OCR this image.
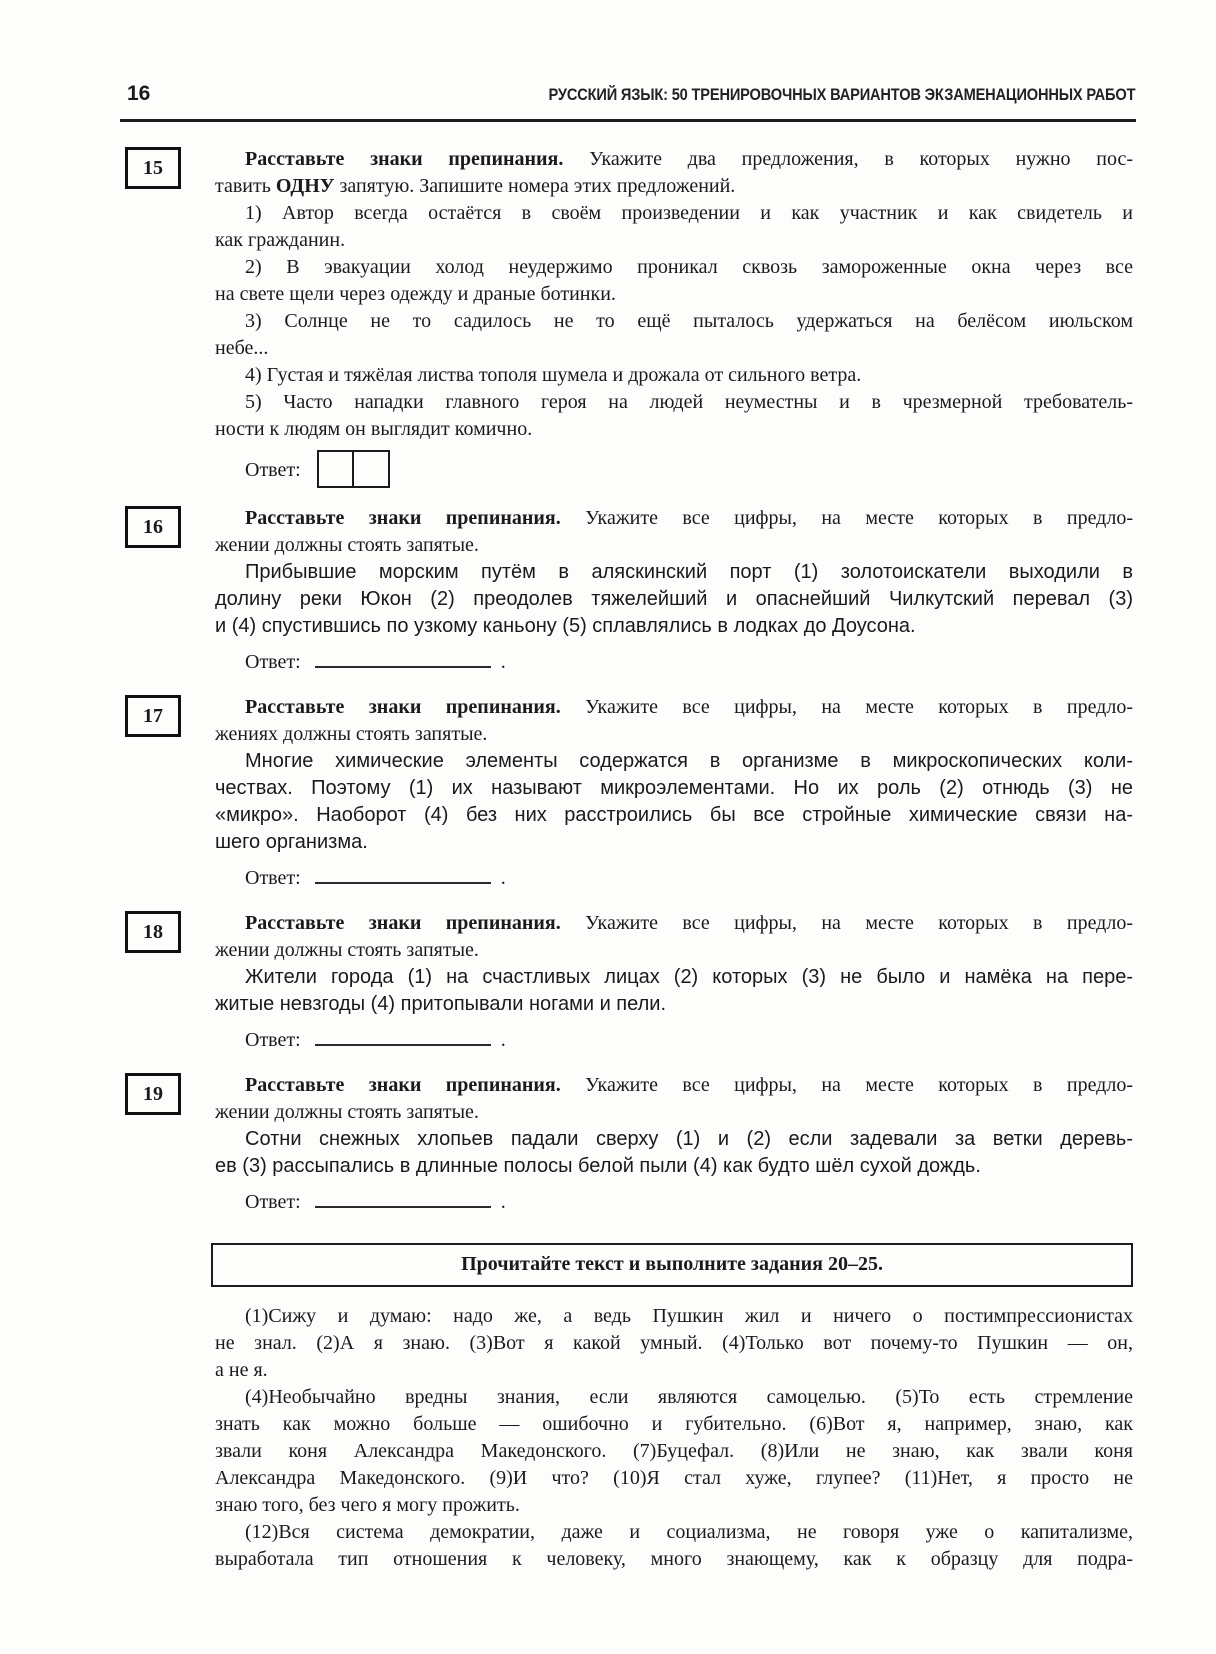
16	РУССКИЙ ЯЗЫК: 50 ТРЕНИРОВОЧНЫХ ВАРИАНТОВ ЭКЗАМЕНАЦИОННЫХ РАБОТ
15	Расставьте знаки препинания. Укажите два предложения, в которых нужно пос-
тавить ОДНУ запятую. Запишите номера этих предложений.
1) Автор всегда остаётся в своём произведении и как участник и как свидетель и
как гражданин.
2) В эвакуации холод неудержимо проникал сквозь замороженные окна через все
на свете щели через одежду и драные ботинки.
3) Солнце не то садилось не то ещё пыталось удержаться на белёсом июльском
небе...
4) Густая и тяжёлая листва тополя шумела и дрожала от сильного ветра.
5) Часто нападки главного героя на людей неуместны и в чрезмерной требователь-
ности к людям он выглядит комично.
Ответ:
16	Расставьте знаки препинания. Укажите все цифры, на месте которых в предло-
жении должны стоять запятые.
Прибывшие морским путём в аляскинский порт (1) золотоискатели выходили в
долину реки Юкон (2) преодолев тяжелейший и опаснейший Чилкутский перевал (3)
и (4) спустившись по узкому каньону (5) сплавлялись в лодках до Доусона.
Ответ:	.
17	Расставьте знаки препинания. Укажите все цифры, на месте которых в предло-
жениях должны стоять запятые.
Многие химические элементы содержатся в организме в микроскопических коли-
чествах. Поэтому (1) их называют микроэлементами. Но их роль (2) отнюдь (3) не
«микро». Наоборот (4) без них расстроились бы все стройные химические связи на-
шего организма.
Ответ:	.
18	Расставьте знаки препинания. Укажите все цифры, на месте которых в предло-
жении должны стоять запятые.
Жители города (1) на счастливых лицах (2) которых (3) не было и намёка на пере-
житые невзгоды (4) притопывали ногами и пели.
Ответ:	.
19	Расставьте знаки препинания. Укажите все цифры, на месте которых в предло-
жении должны стоять запятые.
Сотни снежных хлопьев падали сверху (1) и (2) если задевали за ветки деревь-
ев (3) рассыпались в длинные полосы белой пыли (4) как будто шёл сухой дождь.
Ответ:	.
Прочитайте текст и выполните задания 20–25.
(1)Сижу и думаю: надо же, а ведь Пушкин жил и ничего о постимпрессионистах
не знал. (2)А я знаю. (3)Вот я какой умный. (4)Только вот почему-то Пушкин — он,
а не я.
(4)Необычайно вредны знания, если являются самоцелью. (5)То есть стремление
знать как можно больше — ошибочно и губительно. (6)Вот я, например, знаю, как
звали коня Александра Македонского. (7)Буцефал. (8)Или не знаю, как звали коня
Александра Македонского. (9)И что? (10)Я стал хуже, глупее? (11)Нет, я просто не
знаю того, без чего я могу прожить.
(12)Вся система демократии, даже и социализма, не говоря уже о капитализме,
выработала тип отношения к человеку, много знающему, как к образцу для подра-
